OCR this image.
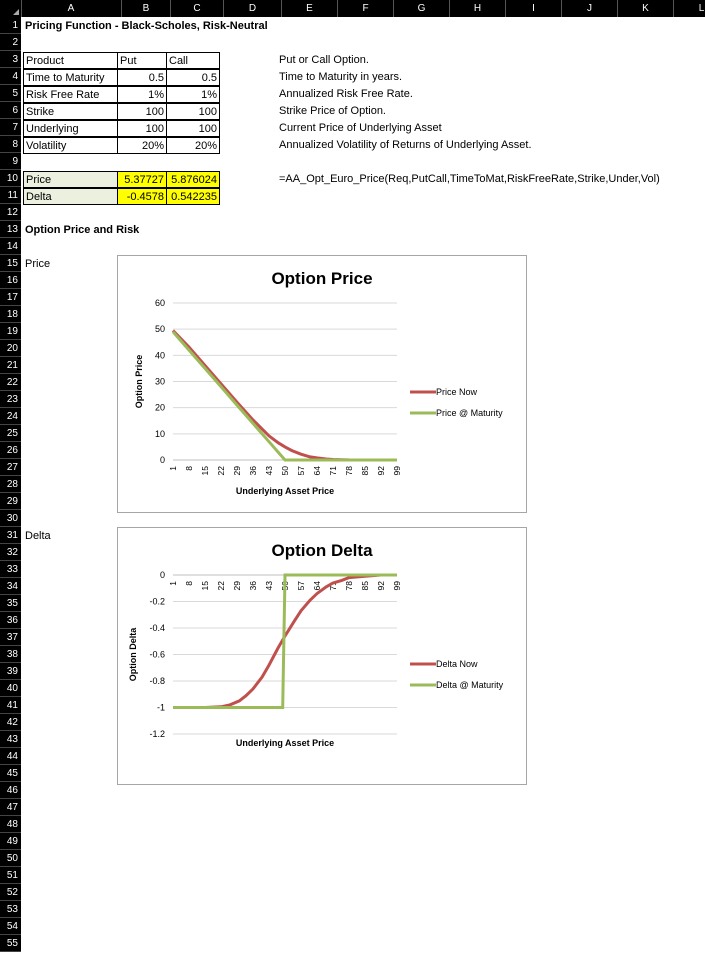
A	B	C	D	E	F	G	H	I	J	K	L
1
2
3
4
5
6
7
8
9
10
11
12
13
14
15
16
17
18
19
20
21
22
23
24
25
26
27
28
29
30
31
32
33
34
35
36
37
38
39
40
41
42
43
44
45
46
47
48
49
50
51
52
53
54
55
Pricing Function - Black-Scholes, Risk-Neutral
Product	Put	Call
Time to Maturity	0.5	0.5
Risk Free Rate	1%	1%
Strike	100	100
Underlying	100	100
Volatility	20%	20%
Put or Call Option.
Time to Maturity in years.
Annualized Risk Free Rate.
Strike Price of Option.
Current Price of Underlying Asset
Annualized Volatility of Returns of Underlying Asset.
Price	5.37727 5.876024
Delta	-0.4578 0.542235
=AA_Opt_Euro_Price(Req,PutCall,TimeToMat,RiskFreeRate,Strike,Under,Vol)
Option Price and Risk
Price
Delta
Option Price
0
10
20
30
40
50
60
1 8 15 22 29 36 43 50 57 64 71 78 85 92 99
Underlying Asset Price
Option Price	Price Now
Price @ Maturity
Option Delta
0
-0.2
-0.4
-0.6
-0.8
-1
-1.2
1 8 15 22 29 36 43 50 57 64 71 78 85 92 99
Underlying Asset Price
Option Delta	Delta Now
Delta @ Maturity
